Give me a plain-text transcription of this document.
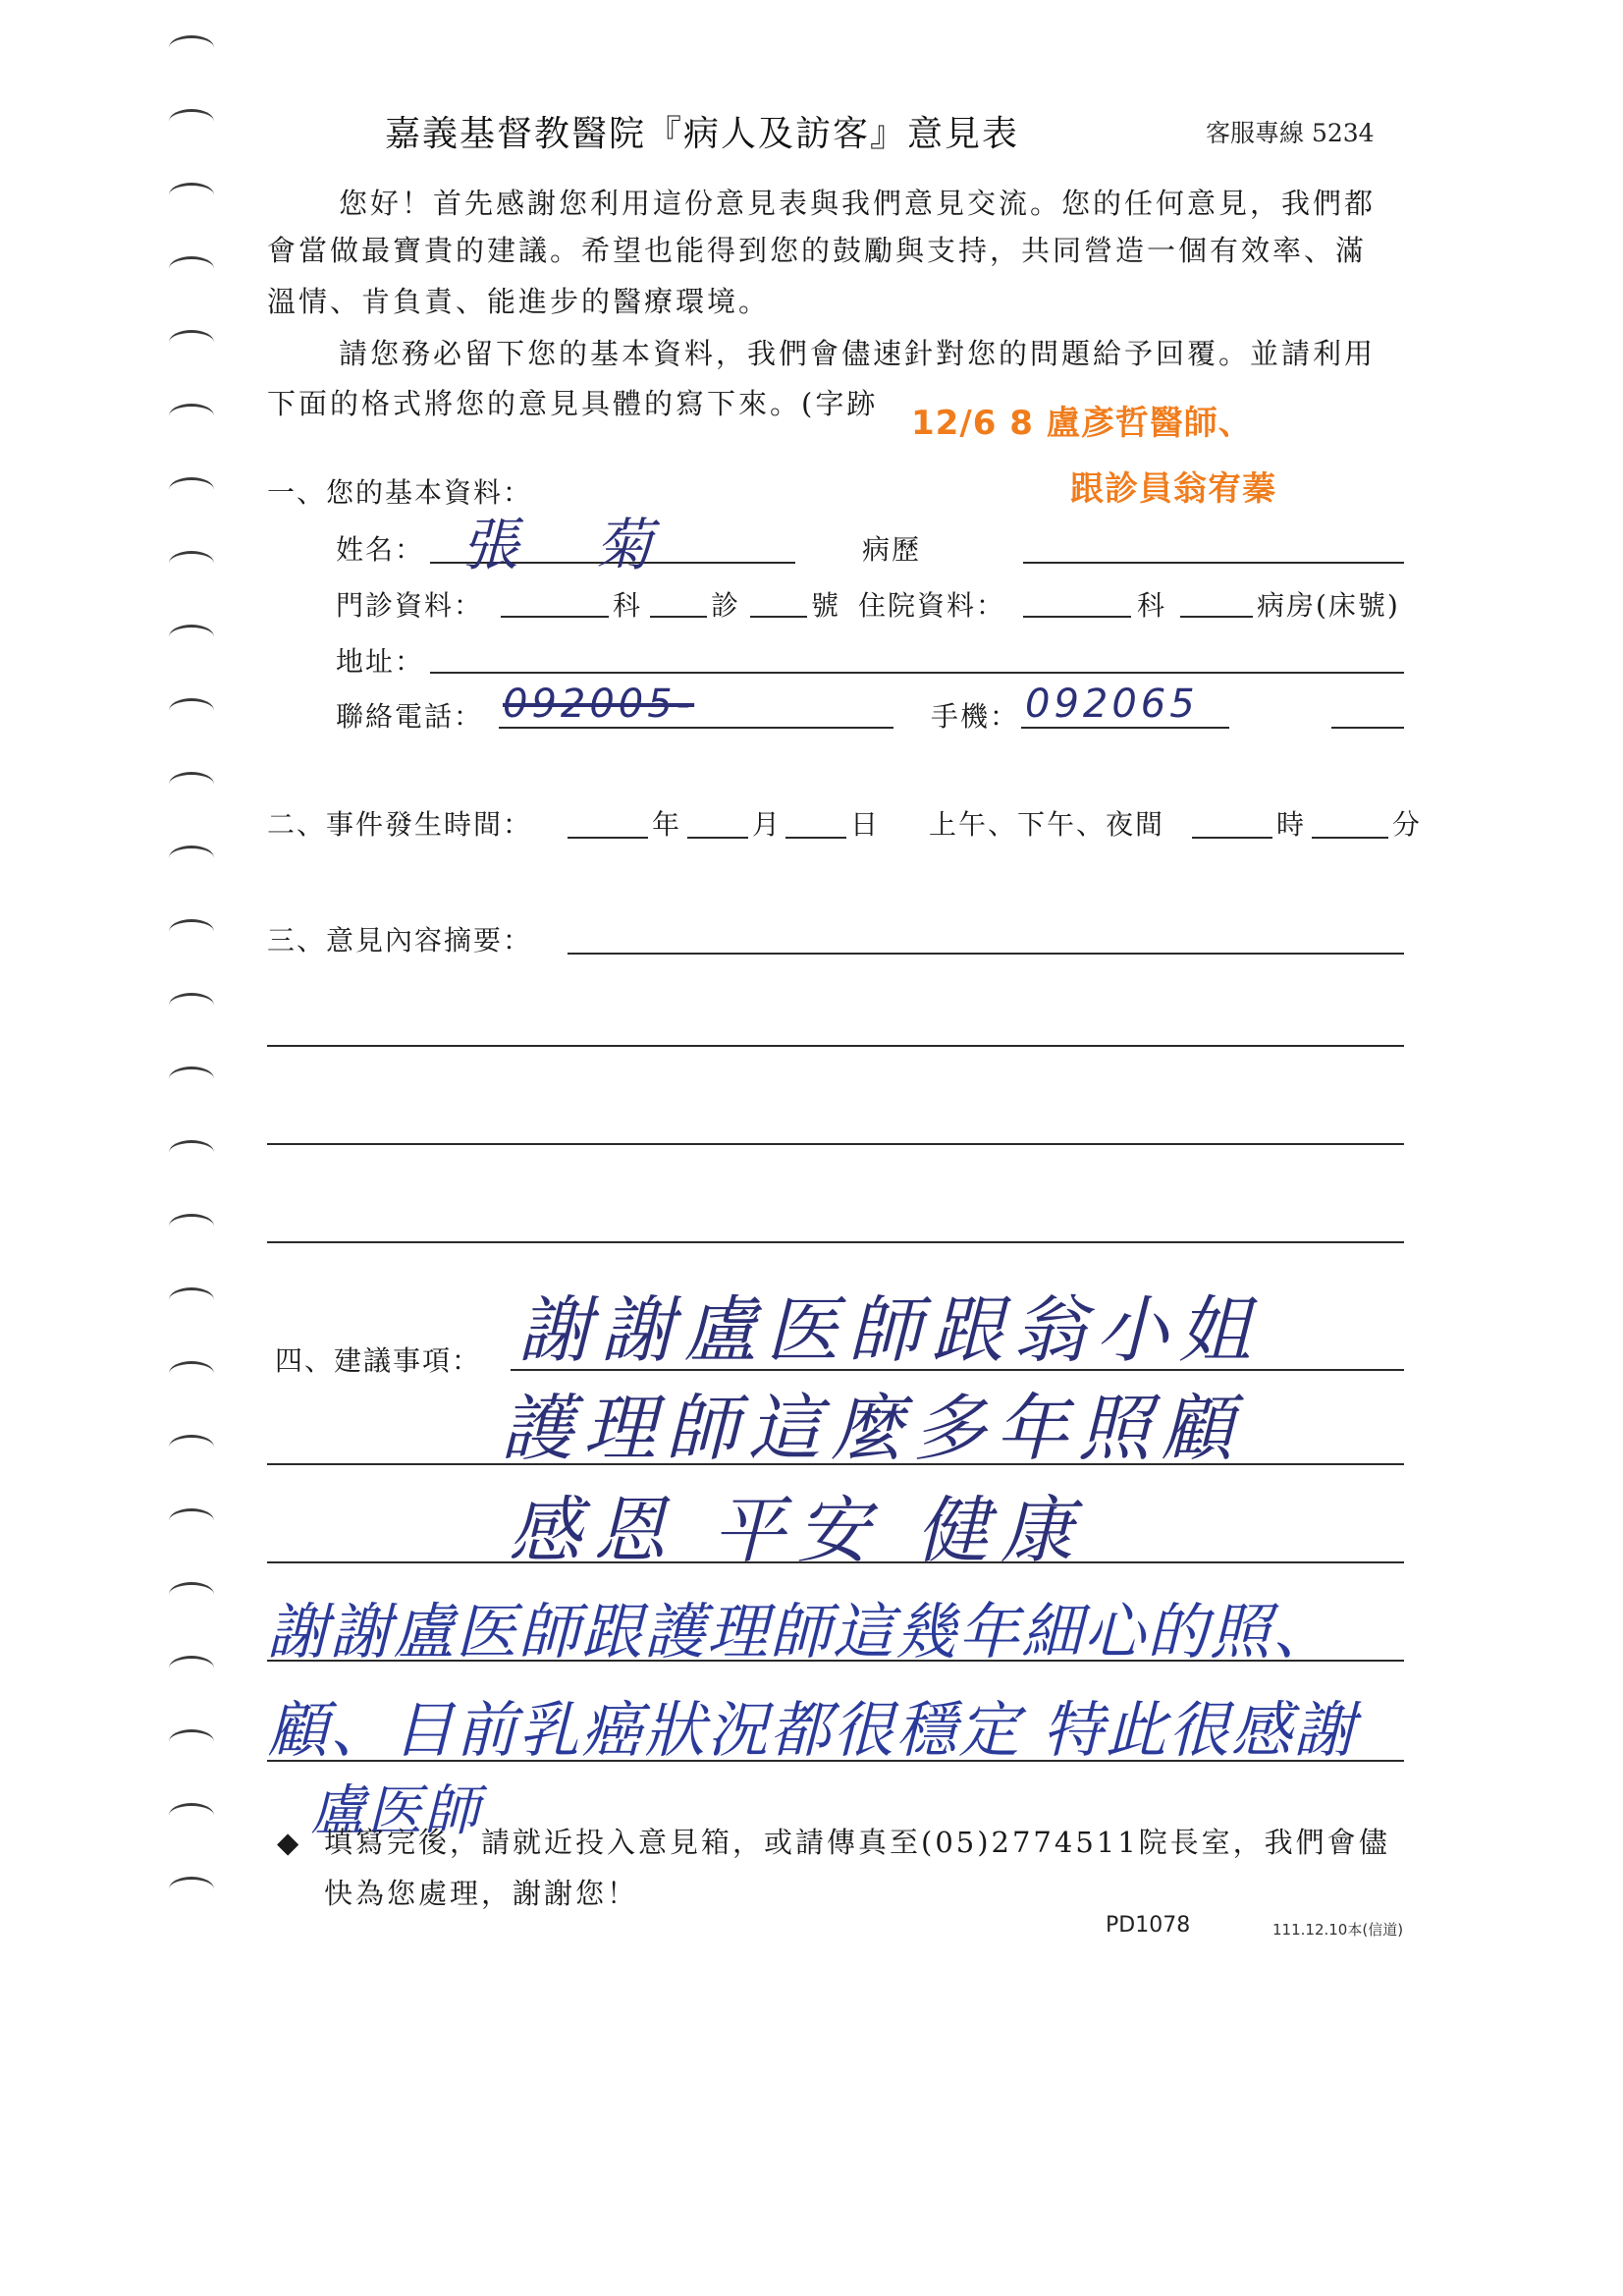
嘉義基督教醫院『病人及訪客』意見表	客服專線 5234
您好！首先感謝您利用這份意見表與我們意見交流。您的任何意見，我們都
會當做最寶貴的建議。希望也能得到您的鼓勵與支持，共同營造一個有效率、滿
溫情、肯負責、能進步的醫療環境。
請您務必留下您的基本資料，我們會儘速針對您的問題給予回覆。並請利用
下面的格式將您的意見具體的寫下來。(字跡 12/6 8 盧彥哲醫師、
跟診員翁宥蓁
一、您的基本資料：
姓名： 張 菊	病歷
門診資料：	科 診	號 住院資料：	科	病房(床號)
地址：
聯絡電話： 092005-	手機： 092065
二、事件發生時間：	年	月 日 上午、下午、夜間	時	分
三、意見內容摘要：
四、建議事項： 謝謝盧医師跟翁小姐
護理師這麼多年照顧
感恩 平安 健康
謝謝盧医師跟護理師這幾年細心的照、
顧、目前乳癌狀況都很穩定 特此很感謝
盧医師
◆ 填寫完後，請就近投入意見箱，或請傳真至(05)2774511院長室，我們會儘
快為您處理，謝謝您！
PD1078	111.12.10本(信道)
